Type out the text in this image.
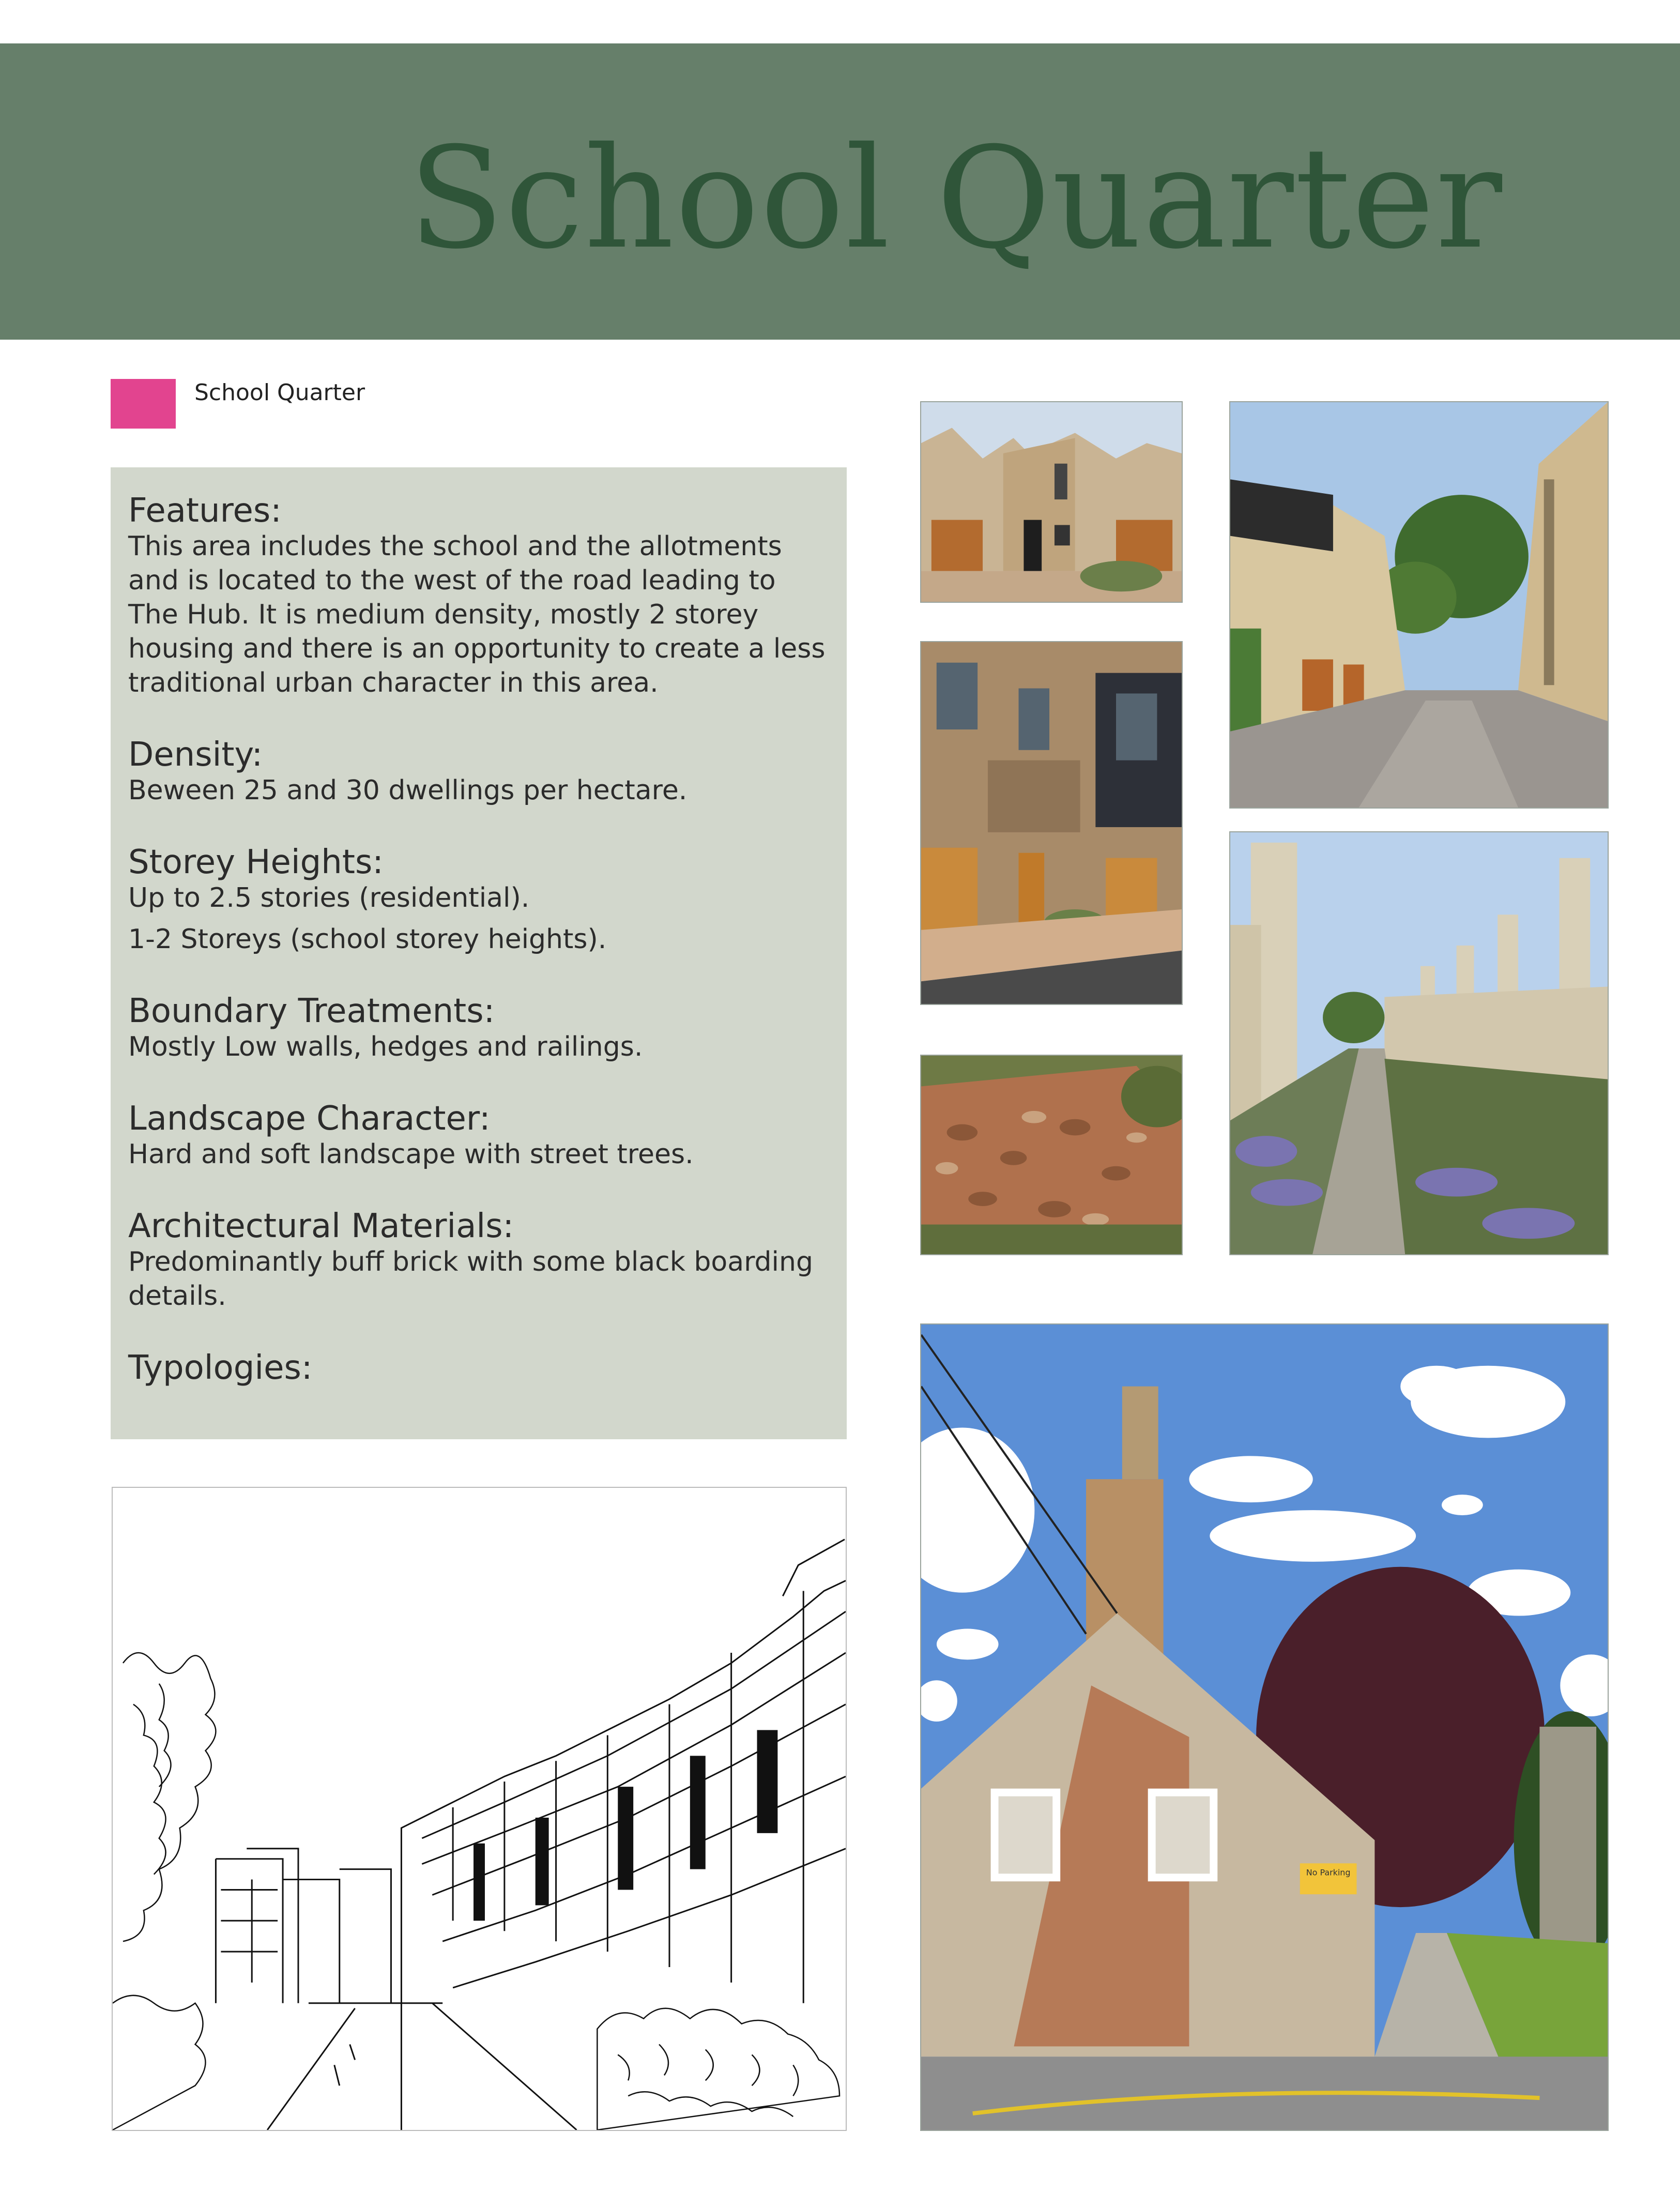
School Quarter
School Quarter

Features:

This area includes the school and the allotments and is located to the west of the road leading to The Hub. It is medium density, mostly 2 storey housing and there is an opportunity to create a less traditional urban character in this area.

Density:

Beween 25 and 30 dwellings per hectare.

Storey Heights:

Up to 2.5 stories (residential).

1-2 Storeys (school storey heights).

Boundary Treatments:

Mostly Low walls, hedges and railings.

Landscape Character:

Hard and soft landscape with street trees.

Architectural Materials:

Predominantly buff brick with some black boarding details.

Typologies:

No Parking
